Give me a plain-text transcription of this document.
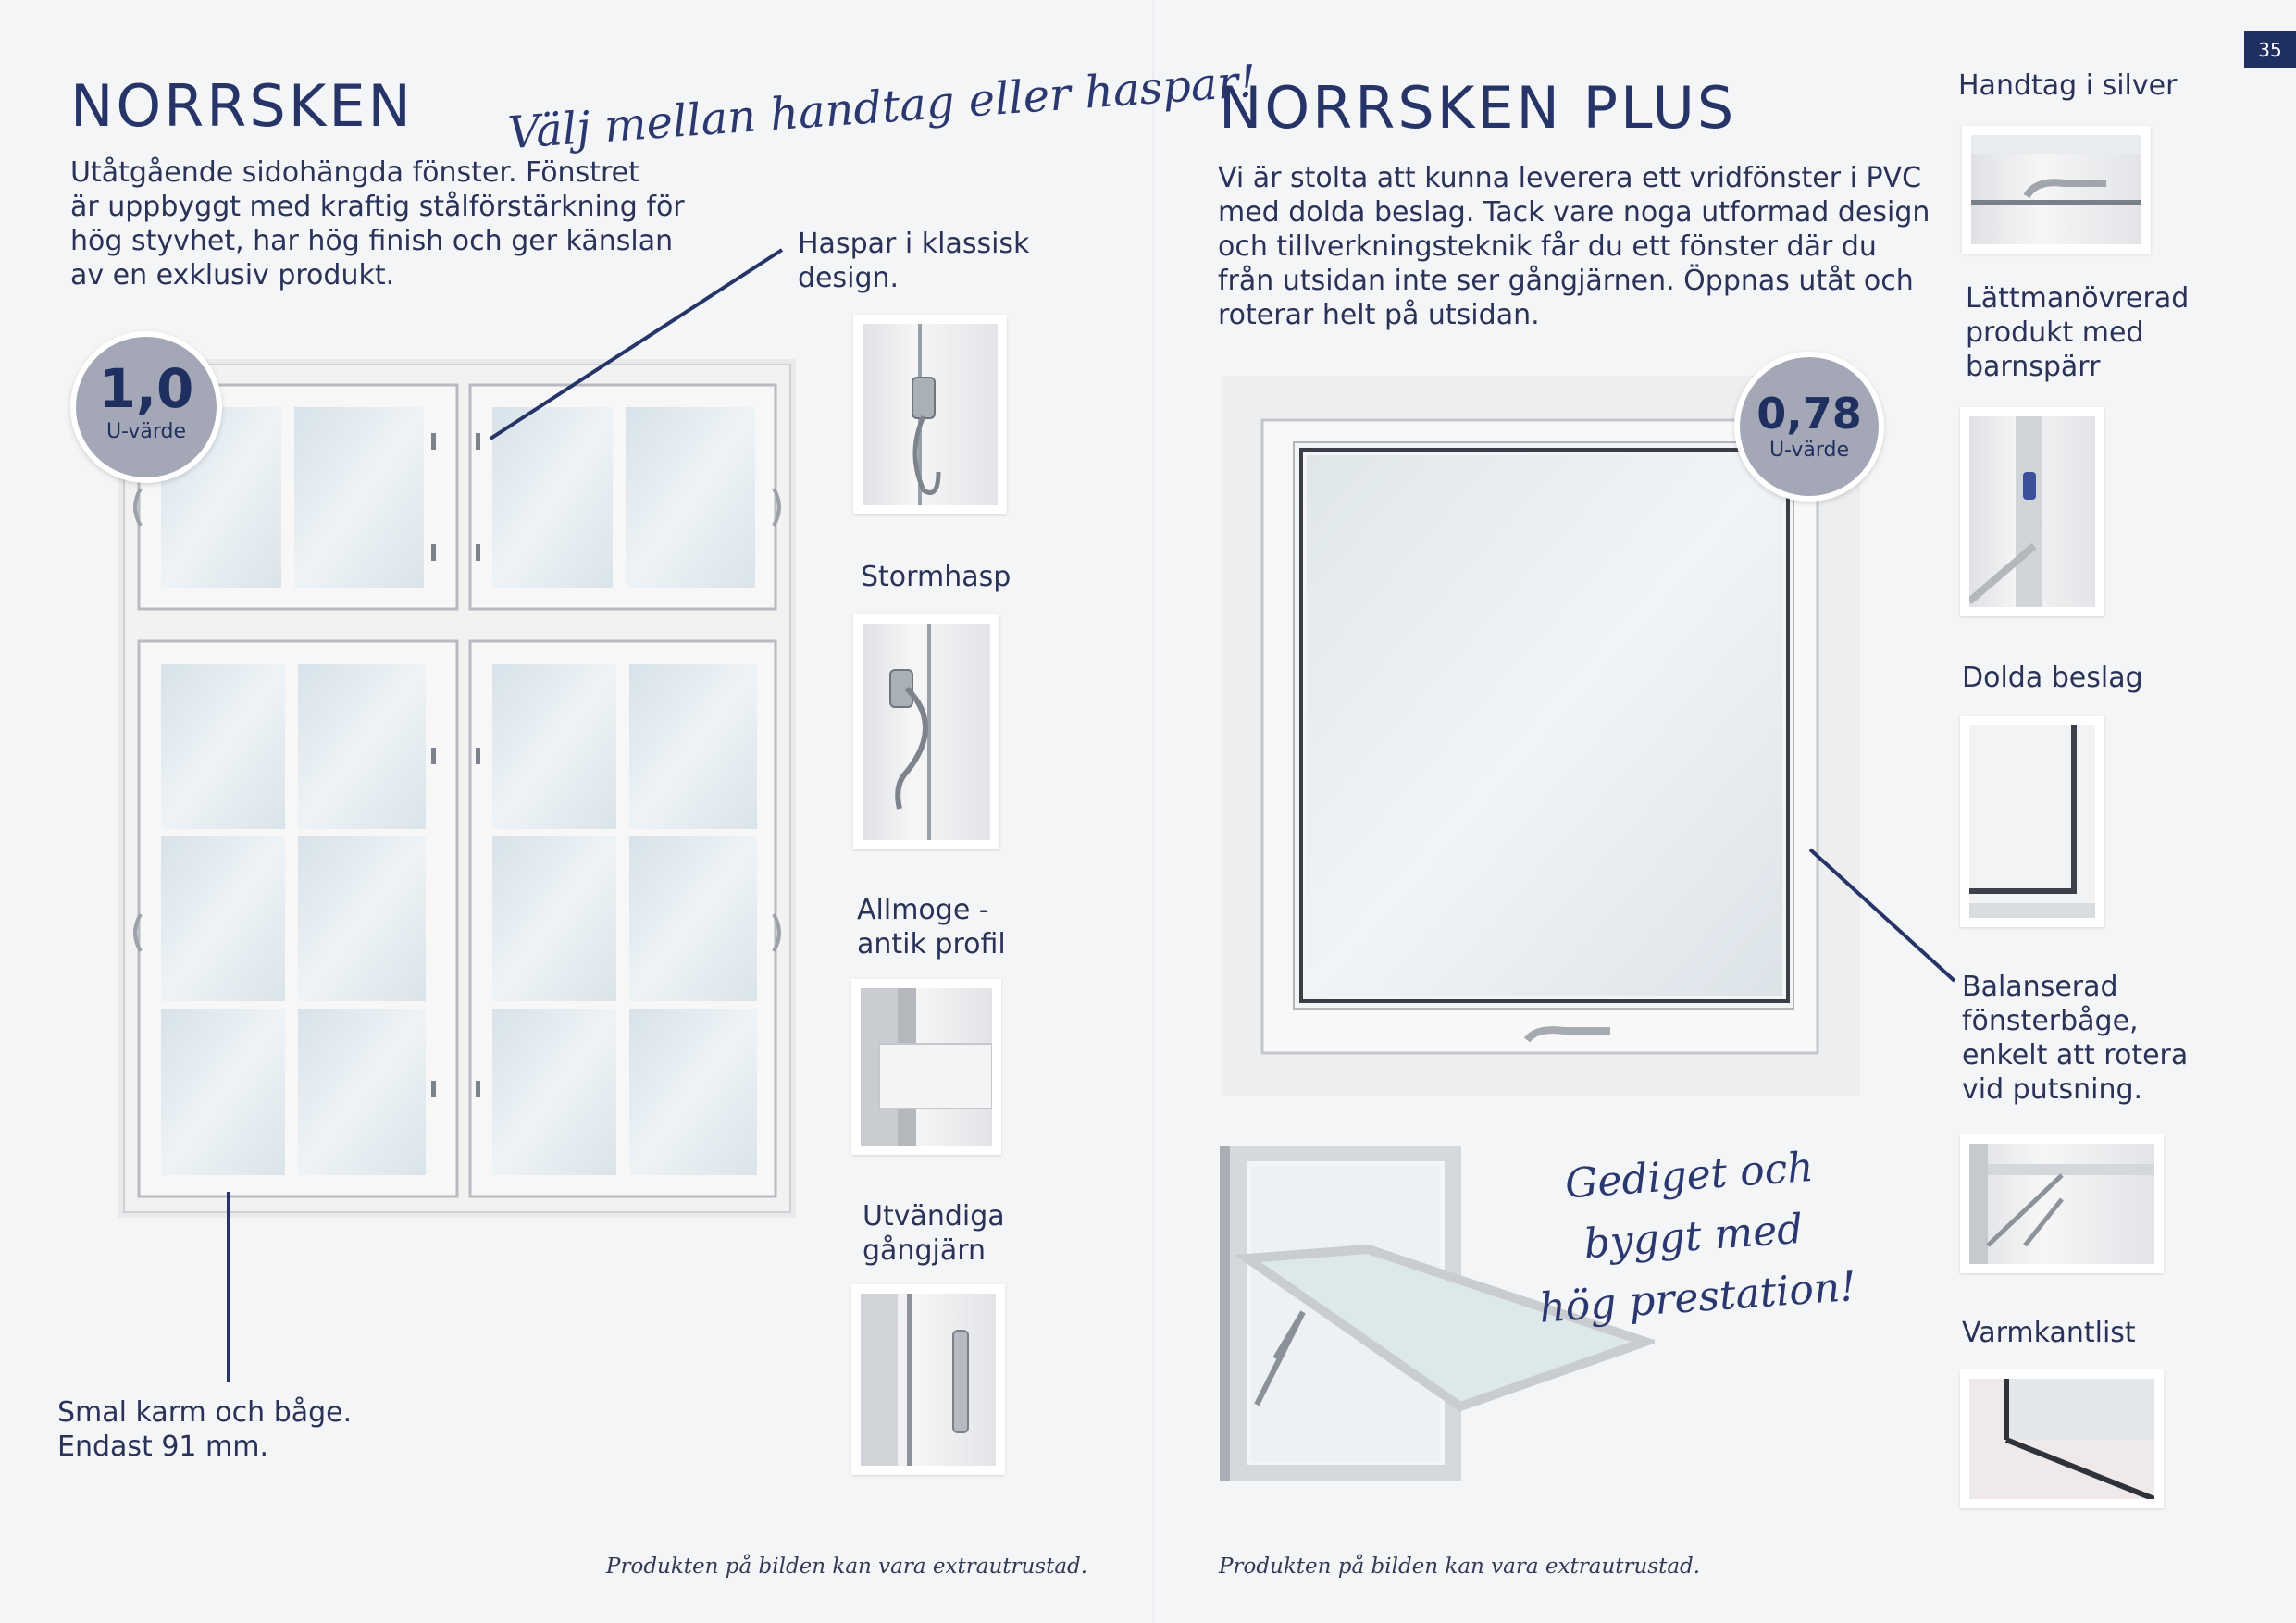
35
NORRSKEN Välj mellan handtag eller haspar!
Utåtgående sidohängda fönster. Fönstret
är uppbyggt med kraftig stålförstärkning för
hög styvhet, har hög finish och ger känslan
av en exklusiv produkt.
Haspar i klassisk
design.
1,0
U-värde
Smal karm och båge.
Endast 91 mm.
Stormhasp
Allmoge -
antik profil
Utvändiga
gångjärn
Produkten på bilden kan vara extrautrustad.
NORRSKEN PLUS
Vi är stolta att kunna leverera ett vridfönster i PVC
med dolda beslag. Tack vare noga utformad design
och tillverkningsteknik får du ett fönster där du
från utsidan inte ser gångjärnen. Öppnas utåt och
roterar helt på utsidan.
0,78
U-värde
Gediget och byggt med
hög prestation!
Handtag i silver
Lättmanövrerad
produkt med
barnspärr
Dolda beslag
Balanserad
fönsterbåge,
enkelt att rotera
vid putsning.
Varmkantlist
Produkten på bilden kan vara extrautrustad.
